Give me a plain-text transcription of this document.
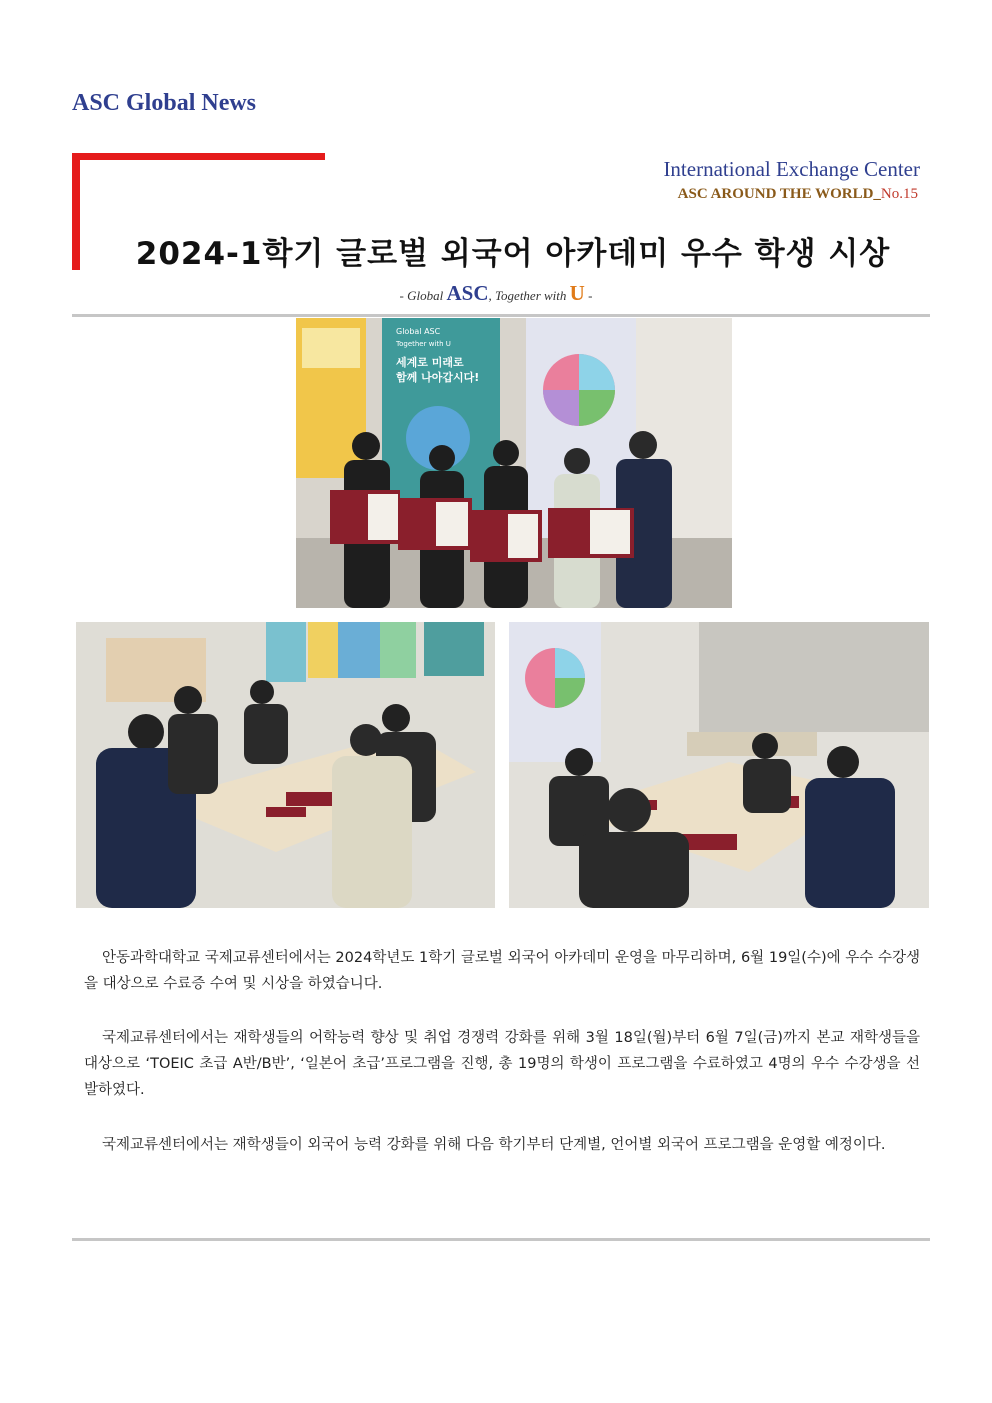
ASC Global News
International Exchange Center
ASC AROUND THE WORLD_No.15
2024-1학기 글로벌 외국어 아카데미 우수 학생 시상
- Global ASC, Together with U -
Global ASC
Together with U
세계로 미래로
함께 나아갑시다!
안동과학대학교 국제교류센터에서는 2024학년도 1학기 글로벌 외국어 아카데미 운영을 마무리하며, 6월 19일(수)에 우수 수강생을 대상으로 수료증 수여 및 시상을 하였습니다.
국제교류센터에서는 재학생들의 어학능력 향상 및 취업 경쟁력 강화를 위해 3월 18일(월)부터 6월 7일(금)까지 본교 재학생들을 대상으로 ‘TOEIC 초급 A반/B반’, ‘일본어 초급’프로그램을 진행, 총 19명의 학생이 프로그램을 수료하였고 4명의 우수 수강생을 선발하였다.
국제교류센터에서는 재학생들이 외국어 능력 강화를 위해 다음 학기부터 단계별, 언어별 외국어 프로그램을 운영할 예정이다.
